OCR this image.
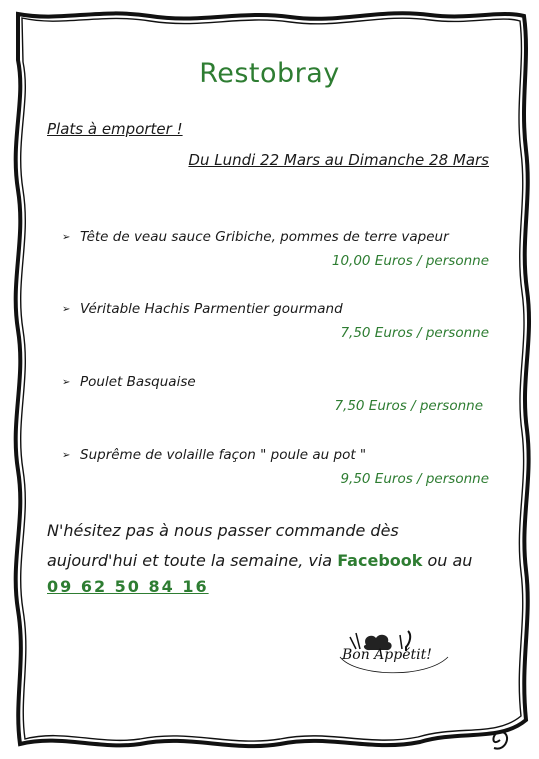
Restobray
Plats à emporter !
Du Lundi 22 Mars au Dimanche 28 Mars
➢ Tête de veau sauce Gribiche, pommes de terre vapeur
10,00 Euros / personne
➢ Véritable Hachis Parmentier gourmand
7,50 Euros / personne
➢ Poulet Basquaise
7,50 Euros / personne
➢ Suprême de volaille façon " poule au pot "
9,50 Euros / personne
N'hésitez pas à nous passer commande dès
aujourd'hui et toute la semaine, via Facebook ou au
09 62 50 84 16
Bon Appétit!
